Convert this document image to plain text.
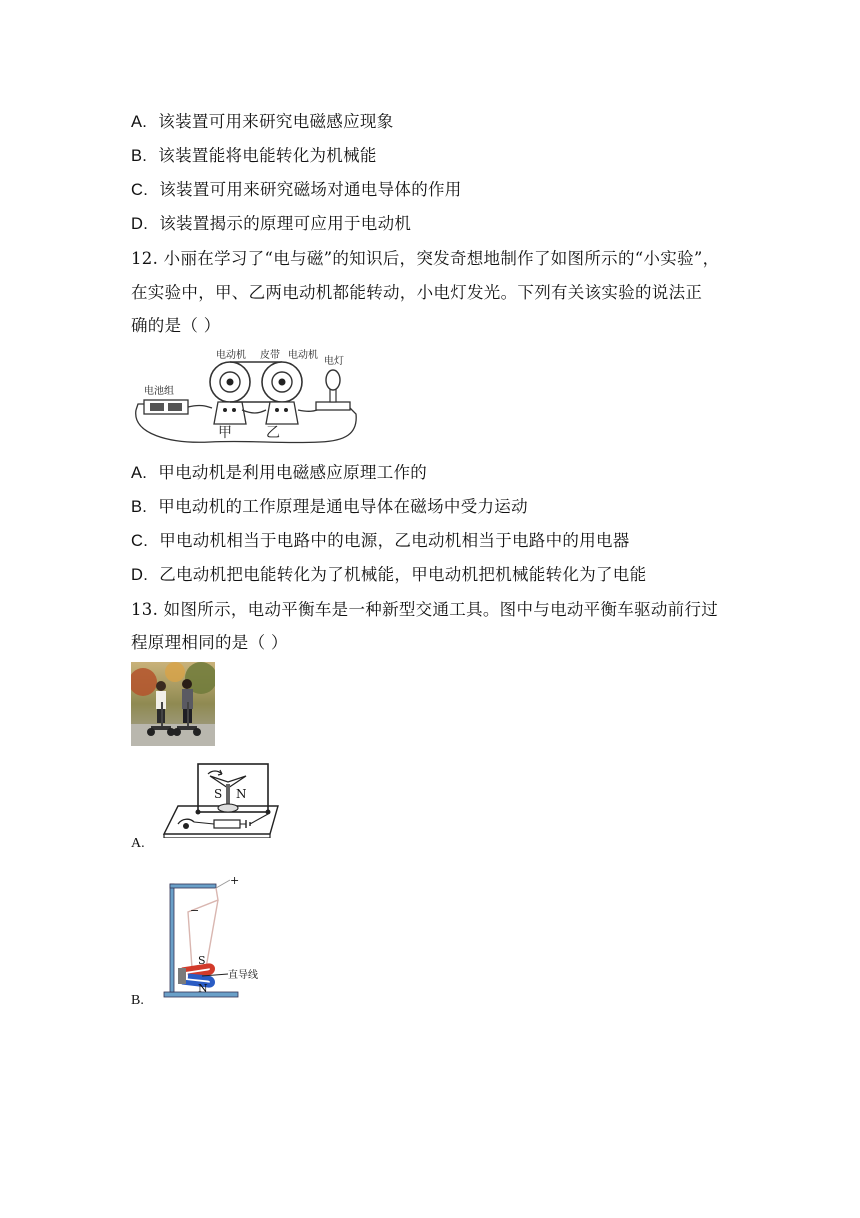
A. 该装置可用来研究电磁感应现象
B. 该装置能将电能转化为机械能
C. 该装置可用来研究磁场对通电导体的作用
D. 该装置揭示的原理可应用于电动机
12. 小丽在学习了“电与磁”的知识后，突发奇想地制作了如图所示的“小实验”，
在实验中，甲、乙两电动机都能转动，小电灯发光。下列有关该实验的说法正
确的是（ ）
电池组
电动机
甲
皮带 电动机
乙
电灯
A. 甲电动机是利用电磁感应原理工作的
B. 甲电动机的工作原理是通电导体在磁场中受力运动
C. 甲电动机相当于电路中的电源，乙电动机相当于电路中的用电器
D. 乙电动机把电能转化为了机械能，甲电动机把机械能转化为了电能
13. 如图所示，电动平衡车是一种新型交通工具。图中与电动平衡车驱动前行过
程原理相同的是（ ）
S N
A.
+
−
S
N
直导线
B.
